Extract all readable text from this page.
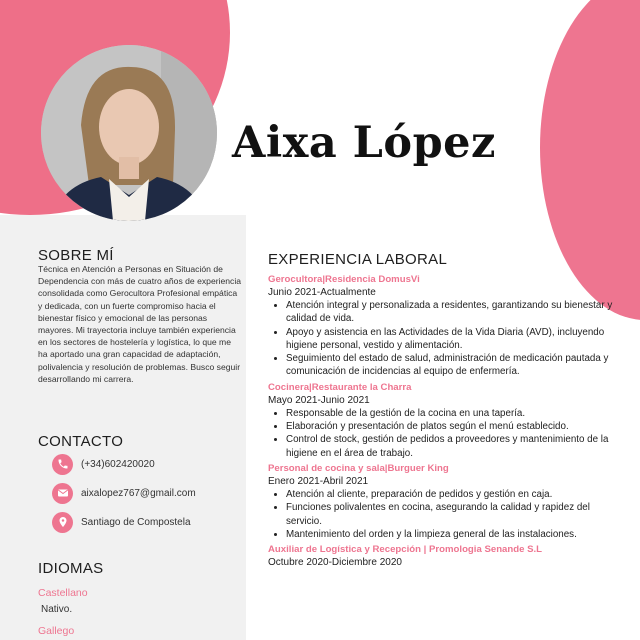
Aixa López
SOBRE MÍ
Técnica en Atención a Personas en Situación de Dependencia con más de cuatro años de experiencia consolidada como Gerocultora Profesional empática y dedicada, con un fuerte compromiso hacia el bienestar físico y emocional de las personas mayores. Mi trayectoria incluye también experiencia en los sectores de hostelería y logística, lo que me ha aportado una gran capacidad de adaptación, polivalencia y resolución de problemas. Busco seguir desarrollando mi carrera.
CONTACTO
(+34)602420020
aixalopez767@gmail.com
Santiago de Compostela
IDIOMAS
Castellano
Nativo.
Gallego
EXPERIENCIA LABORAL
Gerocultora|Residencia DomusVi
Junio 2021-Actualmente
• Atención integral y personalizada a residentes, garantizando su bienestar y calidad de vida.
• Apoyo y asistencia en las Actividades de la Vida Diaria (AVD), incluyendo higiene personal, vestido y alimentación.
• Seguimiento del estado de salud, administración de medicación pautada y comunicación de incidencias al equipo de enfermería.
Cocinera|Restaurante la Charra
Mayo 2021-Junio 2021
• Responsable de la gestión de la cocina en una tapería.
• Elaboración y presentación de platos según el menú establecido.
• Control de stock, gestión de pedidos a proveedores y mantenimiento de la higiene en el área de trabajo.
Personal de cocina y sala|Burguer King
Enero 2021-Abril 2021
• Atención al cliente, preparación de pedidos y gestión en caja.
• Funciones polivalentes en cocina, asegurando la calidad y rapidez del servicio.
• Mantenimiento del orden y la limpieza general de las instalaciones.
Auxiliar de Logística y Recepción | Promologia Senande S.L
Octubre 2020-Diciembre 2020
